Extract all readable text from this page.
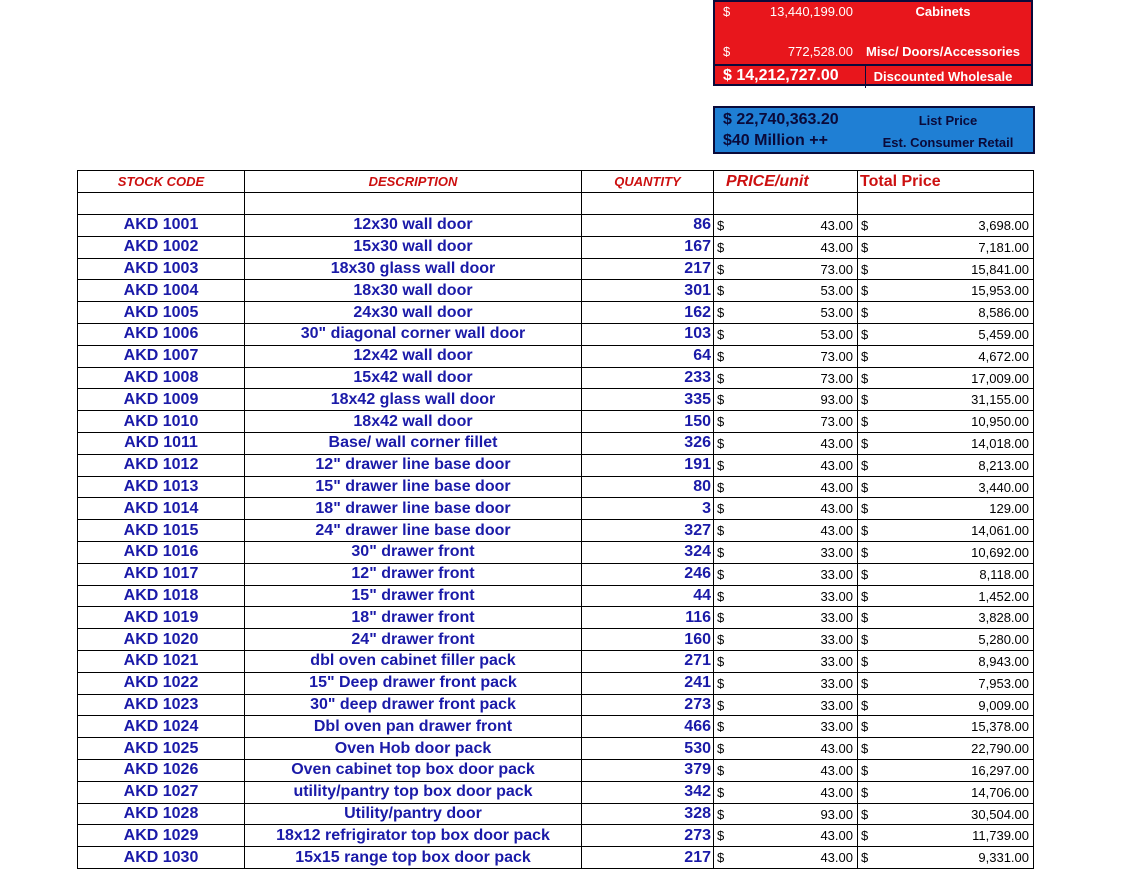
$	13,440,199.00	Cabinets
$	772,528.00	Misc/ Doors/Accessories
$ 14,212,727.00	Discounted Wholesale
$ 22,740,363.20	List Price
$40 Million ++	Est. Consumer Retail
STOCK CODE	DESCRIPTION	QUANTITY	PRICE/unit	Total Price

AKD 1001	12x30 wall door	86	$ 43.00	$ 3,698.00

AKD 1002	15x30 wall door	167	$ 43.00	$ 7,181.00

AKD 1003	18x30 glass wall door	217	$ 73.00	$ 15,841.00

AKD 1004	18x30 wall door	301	$ 53.00	$ 15,953.00

AKD 1005	24x30 wall door	162	$ 53.00	$ 8,586.00

AKD 1006	30" diagonal corner wall door	103	$ 53.00	$ 5,459.00

AKD 1007	12x42 wall door	64	$ 73.00	$ 4,672.00

AKD 1008	15x42 wall door	233	$ 73.00	$ 17,009.00

AKD 1009	18x42 glass wall door	335	$ 93.00	$ 31,155.00

AKD 1010	18x42 wall door	150	$ 73.00	$ 10,950.00

AKD 1011	Base/ wall corner fillet	326	$ 43.00	$ 14,018.00

AKD 1012	12" drawer line base door	191	$ 43.00	$ 8,213.00

AKD 1013	15" drawer line base door	80	$ 43.00	$ 3,440.00

AKD 1014	18" drawer line base door	3	$ 43.00	$ 129.00

AKD 1015	24" drawer line base door	327	$ 43.00	$ 14,061.00

AKD 1016	30" drawer front	324	$ 33.00	$ 10,692.00

AKD 1017	12" drawer front	246	$ 33.00	$ 8,118.00

AKD 1018	15" drawer front	44	$ 33.00	$ 1,452.00

AKD 1019	18" drawer front	116	$ 33.00	$ 3,828.00

AKD 1020	24" drawer front	160	$ 33.00	$ 5,280.00

AKD 1021	dbl oven cabinet filler pack	271	$ 33.00	$ 8,943.00

AKD 1022	15" Deep drawer front pack	241	$ 33.00	$ 7,953.00

AKD 1023	30" deep drawer front pack	273	$ 33.00	$ 9,009.00

AKD 1024	Dbl oven pan drawer front	466	$ 33.00	$ 15,378.00

AKD 1025	Oven Hob door pack	530	$ 43.00	$ 22,790.00

AKD 1026	Oven cabinet top box door pack	379	$ 43.00	$ 16,297.00

AKD 1027	utility/pantry top box door pack	342	$ 43.00	$ 14,706.00

AKD 1028	Utility/pantry door	328	$ 93.00	$ 30,504.00

AKD 1029	18x12 refrigirator top box door pack	273	$ 43.00	$ 11,739.00

AKD 1030	15x15 range top box door pack	217	$ 43.00	$ 9,331.00
